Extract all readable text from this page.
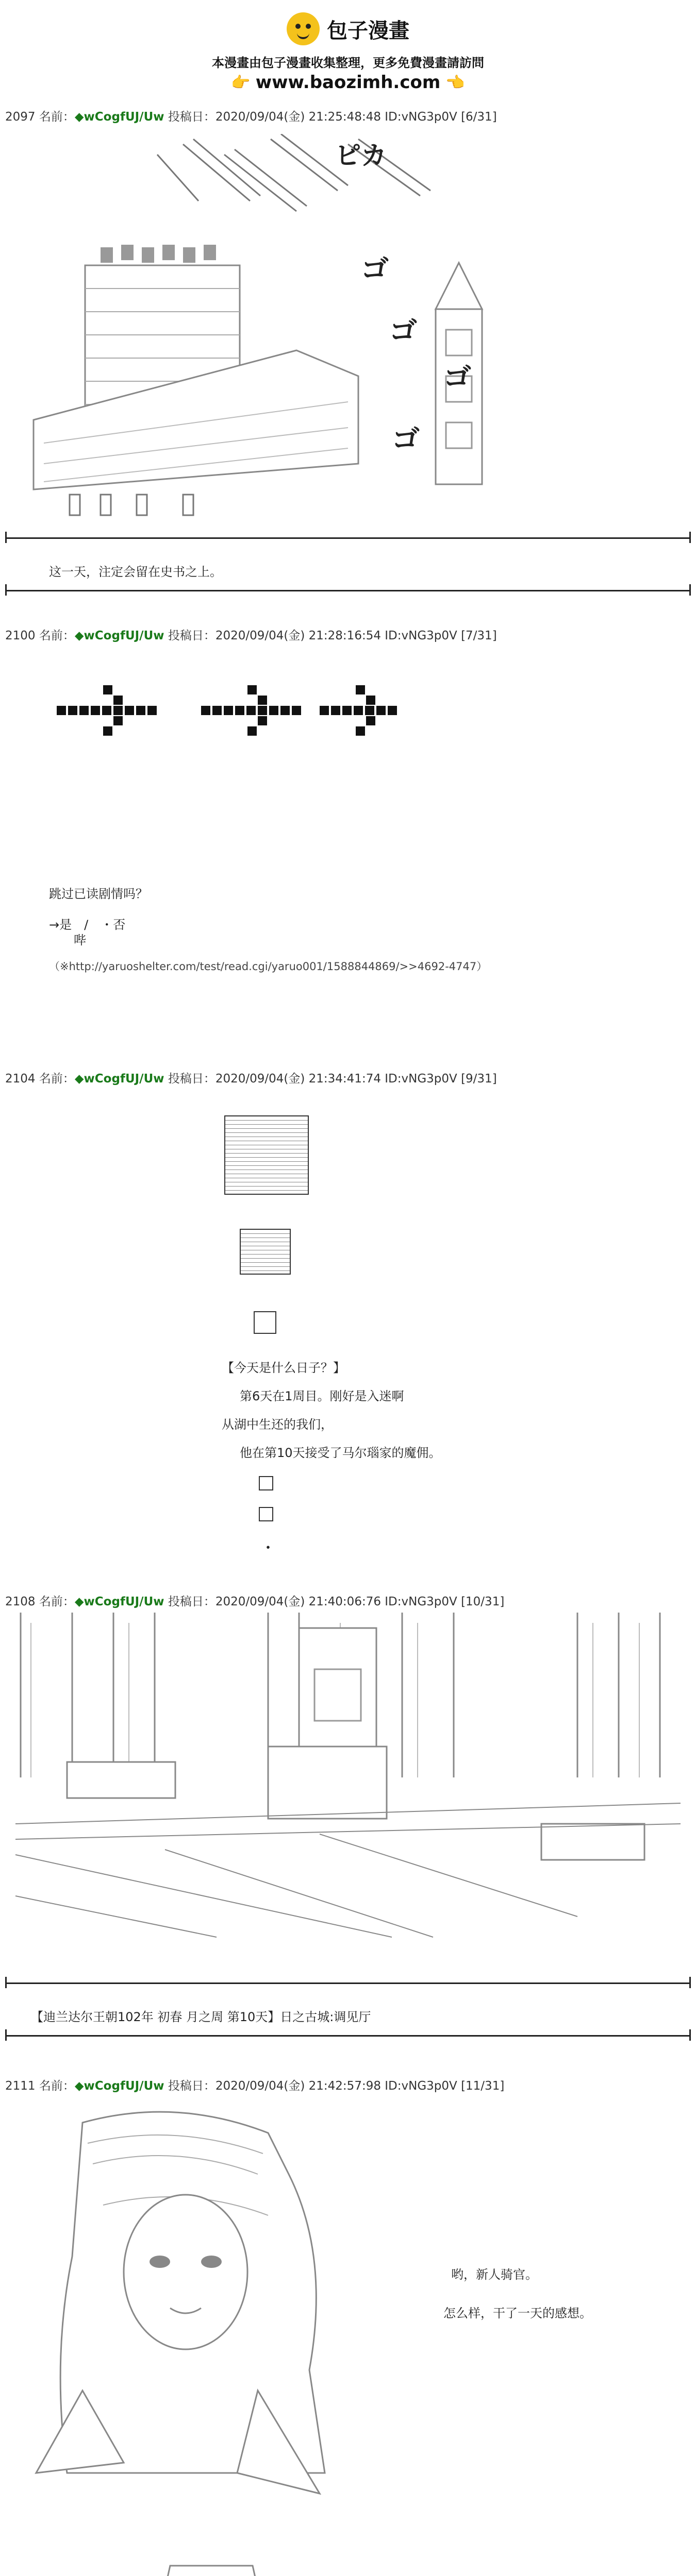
包子漫畫
本漫畫由包子漫畫收集整理，更多免費漫畫請訪問
👉 www.baozimh.com 👈
2097 名前：◆wCogfUJ/Uw 投稿日：2020/09/04(金) 21:25:48:48 ID:vNG3p0V [6/31]
ピカ
ゴ
ゴ
ゴ
ゴ
这一天，注定会留在史书之上。
2100 名前：◆wCogfUJ/Uw 投稿日：2020/09/04(金) 21:28:16:54 ID:vNG3p0V [7/31]
跳过已读剧情吗？
→是　/　・否
　　哔
（※http://yaruoshelter.com/test/read.cgi/yaruo001/1588844869/>>4692-4747）
2104 名前：◆wCogfUJ/Uw 投稿日：2020/09/04(金) 21:34:41:74 ID:vNG3p0V [9/31]
【今天是什么日子？】
第6天在1周目。刚好是入迷啊
从湖中生还的我们，
他在第10天接受了马尔瑙家的魔佣。
・
2108 名前：◆wCogfUJ/Uw 投稿日：2020/09/04(金) 21:40:06:76 ID:vNG3p0V [10/31]
【迪兰达尔王朝102年 初春 月之周 第10天】日之古城:调见厅
2111 名前：◆wCogfUJ/Uw 投稿日：2020/09/04(金) 21:42:57:98 ID:vNG3p0V [11/31]
哟，新人骑官。
怎么样，干了一天的感想。
